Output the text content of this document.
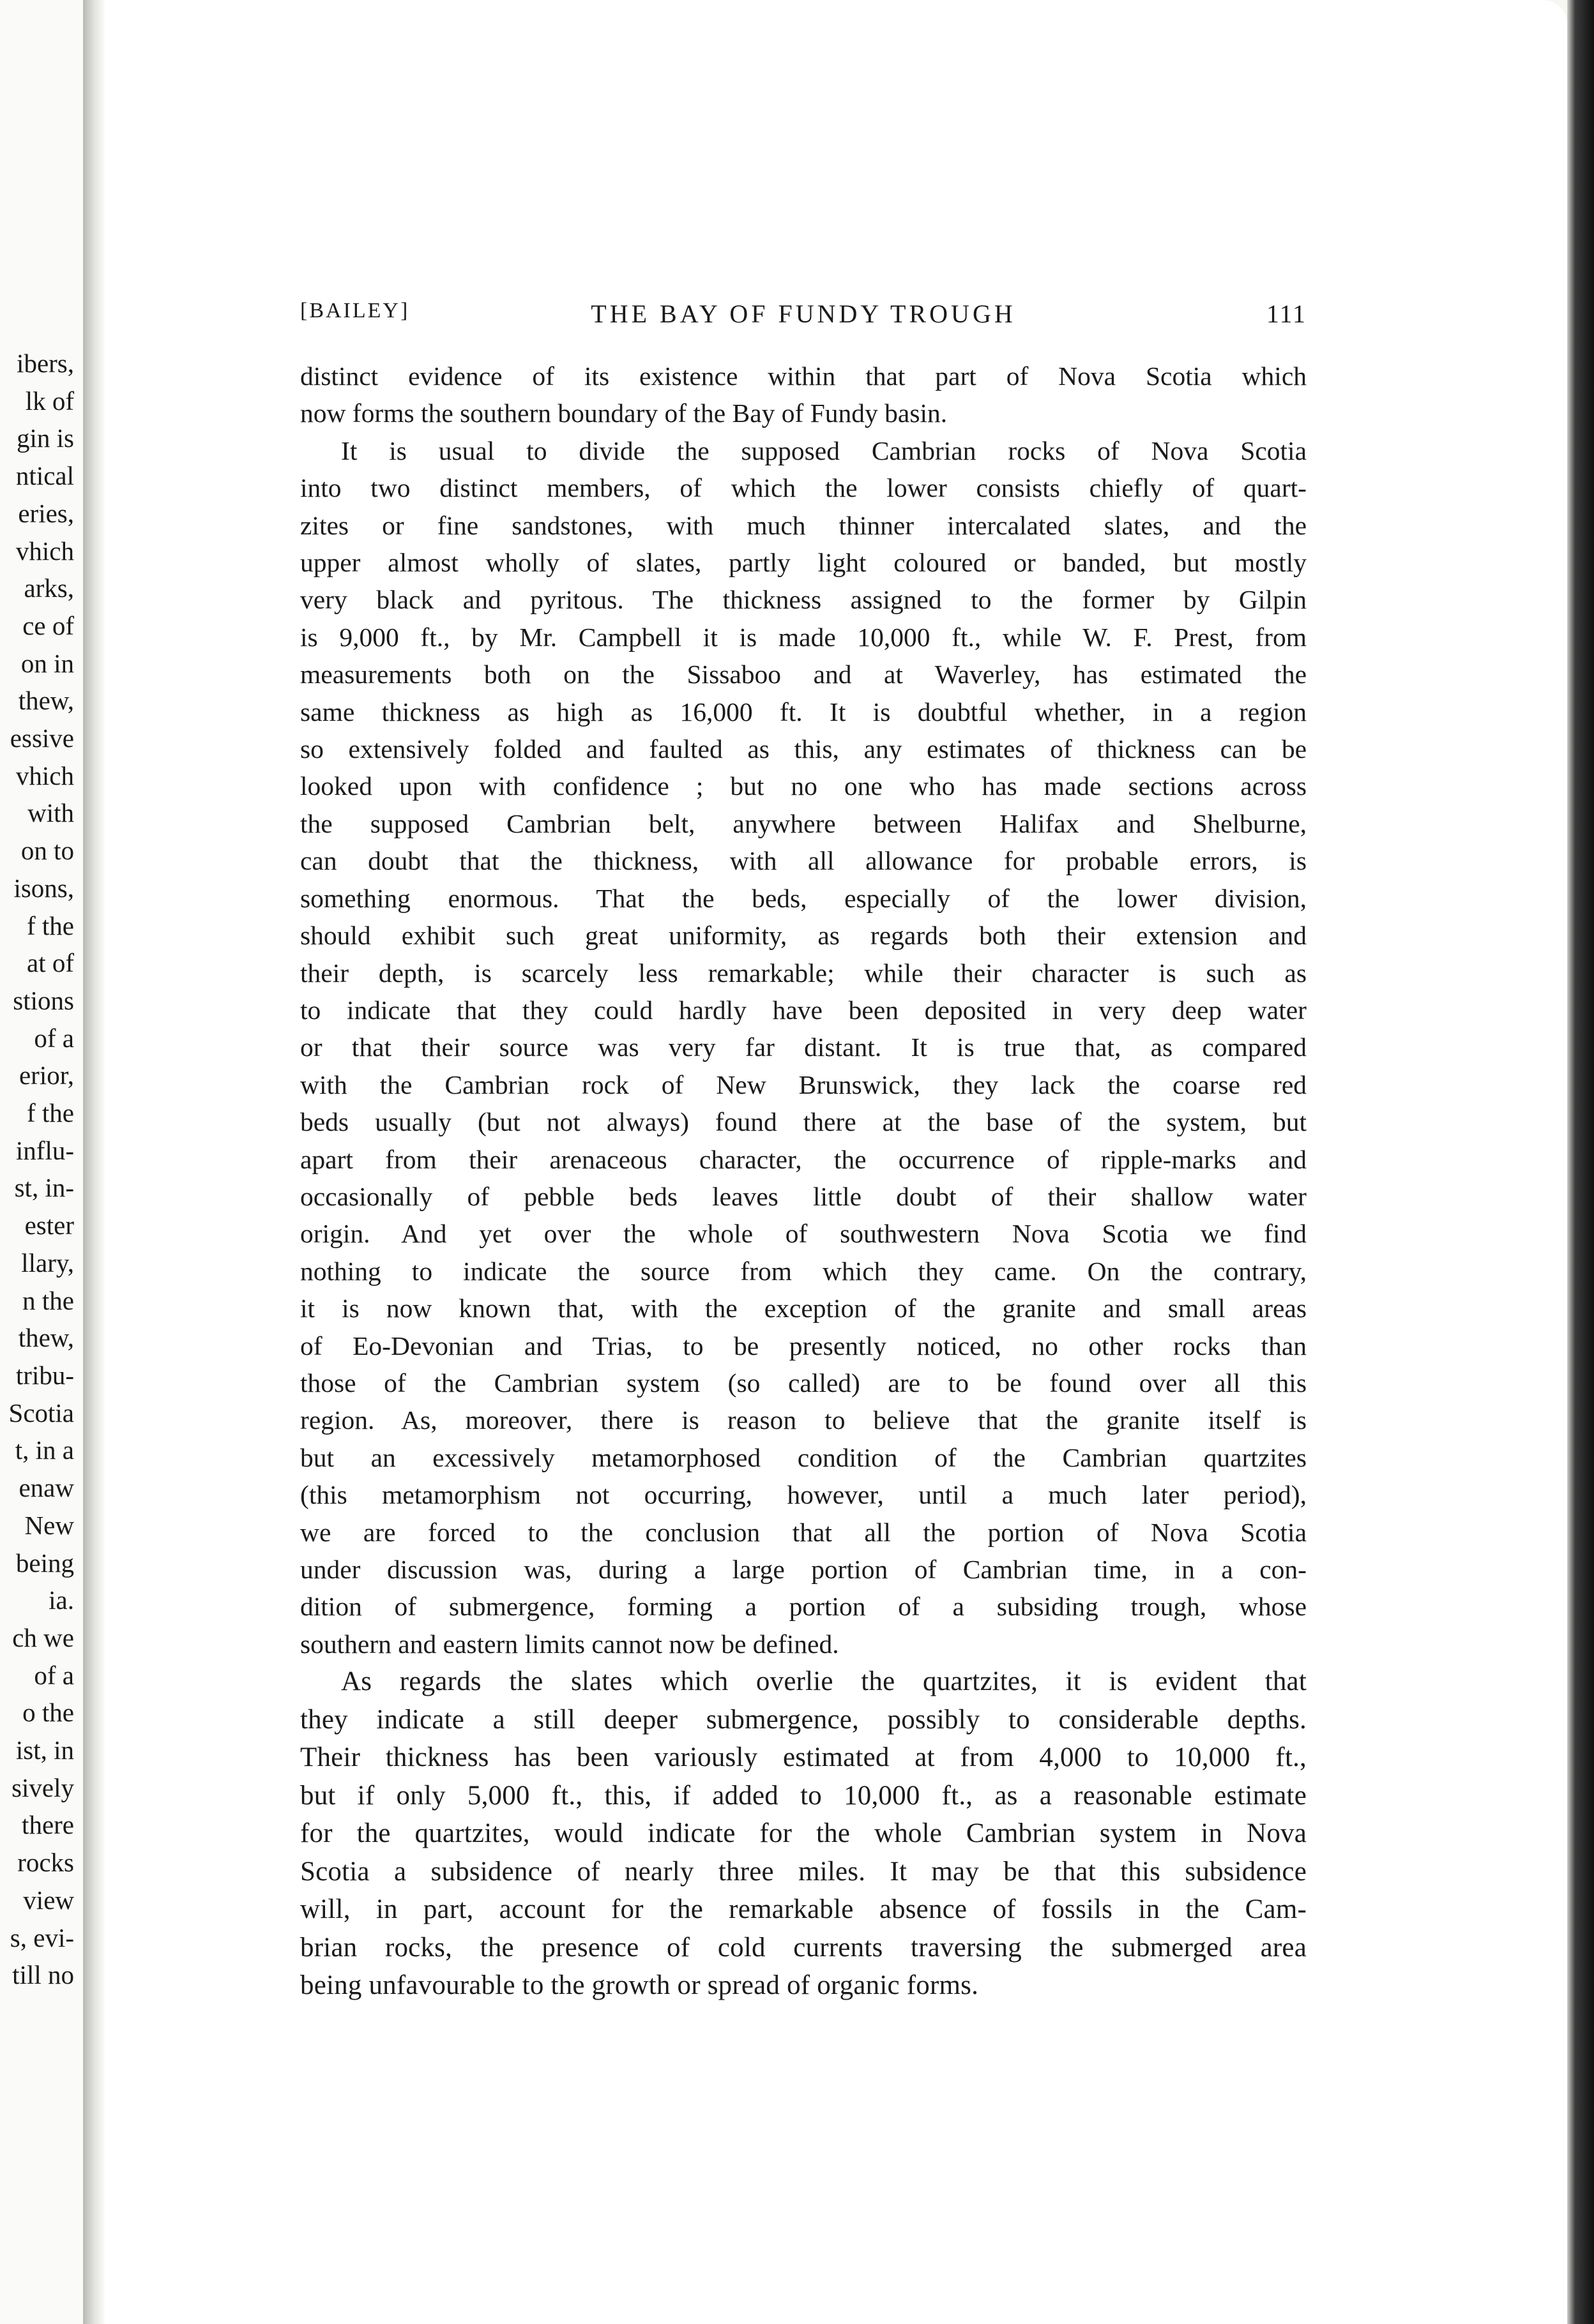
ibers,
lk of
gin is
ntical
eries,
vhich
arks,
ce of
on in
thew,
essive
vhich
with
on to
isons,
f the
at of
stions
of a
erior,
f the
influ-
st, in-
ester
llary,
n the
thew,
tribu-
Scotia
t, in a
enaw
New
being
ia.
ch we
of a
o the
ist, in
sively
there
rocks
view
s, evi-
till no
[BAILEY]	THE BAY OF FUNDY TROUGH	111
distinct evidence of its existence within that part of Nova Scotia which
now forms the southern boundary of the Bay of Fundy basin.
It is usual to divide the supposed Cambrian rocks of Nova Scotia
into two distinct members, of which the lower consists chiefly of quart-
zites or fine sandstones, with much thinner intercalated slates, and the
upper almost wholly of slates, partly light coloured or banded, but mostly
very black and pyritous. The thickness assigned to the former by Gilpin
is 9,000 ft., by Mr. Campbell it is made 10,000 ft., while W. F. Prest, from
measurements both on the Sissaboo and at Waverley, has estimated the
same thickness as high as 16,000 ft. It is doubtful whether, in a region
so extensively folded and faulted as this, any estimates of thickness can be
looked upon with confidence ; but no one who has made sections across
the supposed Cambrian belt, anywhere between Halifax and Shelburne,
can doubt that the thickness, with all allowance for probable errors, is
something enormous. That the beds, especially of the lower division,
should exhibit such great uniformity, as regards both their extension and
their depth, is scarcely less remarkable; while their character is such as
to indicate that they could hardly have been deposited in very deep water
or that their source was very far distant. It is true that, as compared
with the Cambrian rock of New Brunswick, they lack the coarse red
beds usually (but not always) found there at the base of the system, but
apart from their arenaceous character, the occurrence of ripple-marks and
occasionally of pebble beds leaves little doubt of their shallow water
origin. And yet over the whole of southwestern Nova Scotia we find
nothing to indicate the source from which they came. On the contrary,
it is now known that, with the exception of the granite and small areas
of Eo-Devonian and Trias, to be presently noticed, no other rocks than
those of the Cambrian system (so called) are to be found over all this
region. As, moreover, there is reason to believe that the granite itself is
but an excessively metamorphosed condition of the Cambrian quartzites
(this metamorphism not occurring, however, until a much later period),
we are forced to the conclusion that all the portion of Nova Scotia
under discussion was, during a large portion of Cambrian time, in a con-
dition of submergence, forming a portion of a subsiding trough, whose
southern and eastern limits cannot now be defined.
As regards the slates which overlie the quartzites, it is evident that
they indicate a still deeper submergence, possibly to considerable depths.
Their thickness has been variously estimated at from 4,000 to 10,000 ft.,
but if only 5,000 ft., this, if added to 10,000 ft., as a reasonable estimate
for the quartzites, would indicate for the whole Cambrian system in Nova
Scotia a subsidence of nearly three miles. It may be that this subsidence
will, in part, account for the remarkable absence of fossils in the Cam-
brian rocks, the presence of cold currents traversing the submerged area
being unfavourable to the growth or spread of organic forms.
